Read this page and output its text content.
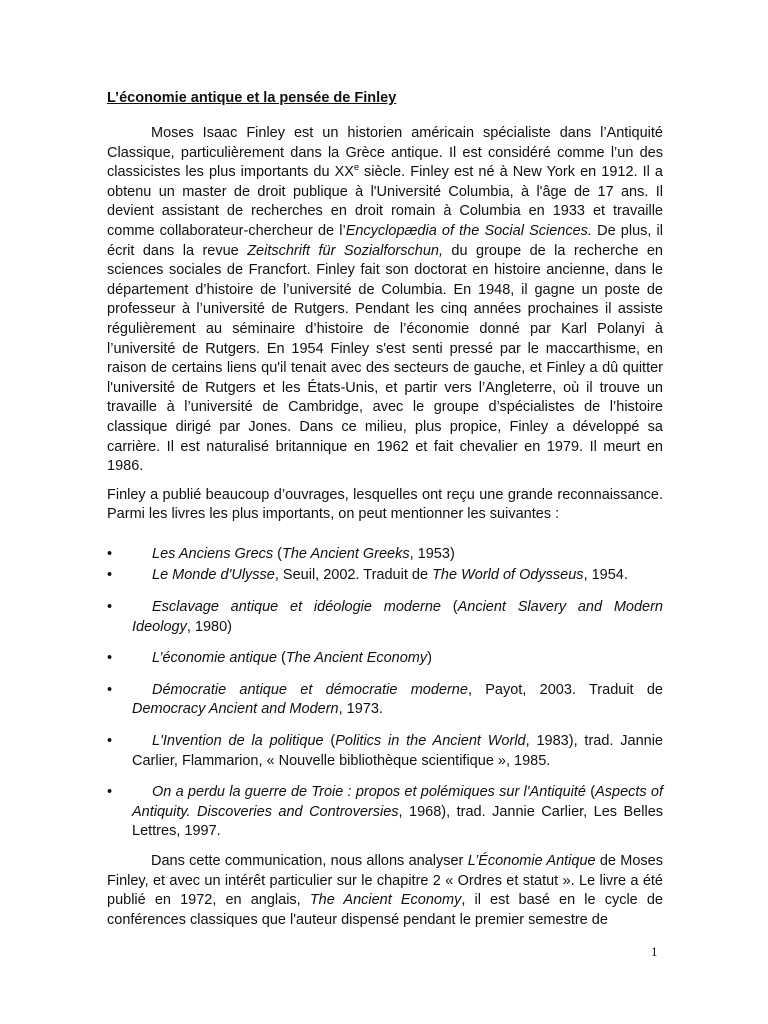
L’économie antique et la pensée de Finley

Moses Isaac Finley est un historien américain spécialiste dans l’Antiquité Classique, particulièrement dans la Grèce antique. Il est considéré comme l’un des classicistes les plus importants du XXe siècle. Finley est né à New York en 1912. Il a obtenu un master de droit publique à l'Université Columbia, à l'âge de 17 ans. Il devient assistant de recherches en droit romain à Columbia en 1933 et travaille comme collaborateur-chercheur de l’Encyclopædia of the Social Sciences. De plus, il écrit dans la revue Zeitschrift für Sozialforschun, du groupe de la recherche en sciences sociales de Francfort. Finley fait son doctorat en histoire ancienne, dans le département d’histoire de l’université de Columbia. En 1948, il gagne un poste de professeur à l’université de Rutgers. Pendant les cinq années prochaines il assiste régulièrement au séminaire d’histoire de l’économie donné par Karl Polanyi à l’université de Rutgers. En 1954 Finley s'est senti pressé par le maccarthisme, en raison de certains liens qu'il tenait avec des secteurs de gauche, et Finley a dû quitter l'université de Rutgers et les États-Unis, et partir vers l’Angleterre, où il trouve un travaille à l’université de Cambridge, avec le groupe d’spécialistes de l’histoire classique dirigé par Jones. Dans ce milieu, plus propice, Finley a développé sa carrière. Il est naturalisé britannique en 1962 et fait chevalier en 1979. Il meurt en 1986.

Finley a publié beaucoup d’ouvrages, lesquelles ont reçu une grande reconnaissance. Parmi les livres les plus importants, on peut mentionner les suivantes :

•	Les Anciens Grecs (The Ancient Greeks, 1953)
•	Le Monde d'Ulysse, Seuil, 2002. Traduit de The World of Odysseus, 1954.
•	Esclavage antique et idéologie moderne (Ancient Slavery and Modern Ideology, 1980)
•	L’économie antique (The Ancient Economy)
•	Démocratie antique et démocratie moderne, Payot, 2003. Traduit de Democracy Ancient and Modern, 1973.
•	L'Invention de la politique (Politics in the Ancient World, 1983), trad. Jannie Carlier, Flammarion, « Nouvelle bibliothèque scientifique », 1985.
•	On a perdu la guerre de Troie : propos et polémiques sur l'Antiquité (Aspects of Antiquity. Discoveries and Controversies, 1968), trad. Jannie Carlier, Les Belles Lettres, 1997.

Dans cette communication, nous allons analyser L’Économie Antique de Moses Finley, et avec un intérêt particulier sur le chapitre 2 « Ordres et statut ». Le livre a été publié en 1972, en anglais, The Ancient Economy, il est basé en le cycle de conférences classiques que l'auteur dispensé pendant le premier semestre de

1
